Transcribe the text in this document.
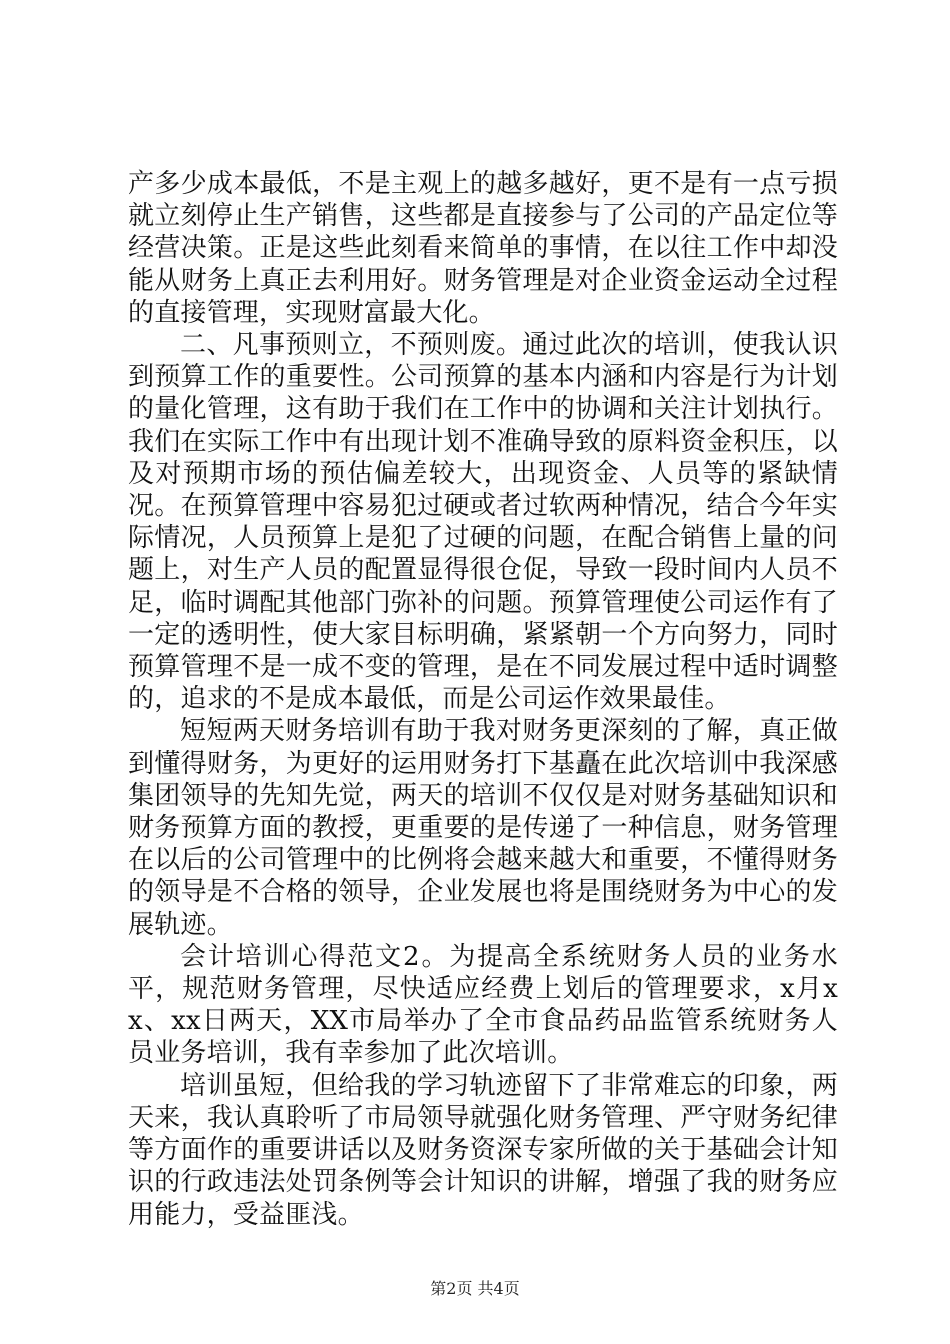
产多少成本最低，不是主观上的越多越好，更不是有一点亏损就立刻停止生产销售，这些都是直接参与了公司的产品定位等经营决策。正是这些此刻看来简单的事情，在以往工作中却没能从财务上真正去利用好。财务管理是对企业资金运动全过程的直接管理，实现财富最大化。

二、凡事预则立，不预则废。通过此次的培训，使我认识到预算工作的重要性。公司预算的基本内涵和内容是行为计划的量化管理，这有助于我们在工作中的协调和关注计划执行。我们在实际工作中有出现计划不准确导致的原料资金积压，以及对预期市场的预估偏差较大，出现资金、人员等的紧缺情况。在预算管理中容易犯过硬或者过软两种情况，结合今年实际情况，人员预算上是犯了过硬的问题，在配合销售上量的问题上，对生产人员的配置显得很仓促，导致一段时间内人员不足，临时调配其他部门弥补的问题。预算管理使公司运作有了一定的透明性，使大家目标明确，紧紧朝一个方向努力，同时预算管理不是一成不变的管理，是在不同发展过程中适时调整的，追求的不是成本最低，而是公司运作效果最佳。

短短两天财务培训有助于我对财务更深刻的了解，真正做到懂得财务，为更好的运用财务打下基矗在此次培训中我深感集团领导的先知先觉，两天的培训不仅仅是对财务基础知识和财务预算方面的教授，更重要的是传递了一种信息，财务管理在以后的公司管理中的比例将会越来越大和重要，不懂得财务的领导是不合格的领导，企业发展也将是围绕财务为中心的发展轨迹。

会计培训心得范文2。为提高全系统财务人员的业务水平，规范财务管理，尽快适应经费上划后的管理要求，x月xx、xx日两天，XX市局举办了全市食品药品监管系统财务人员业务培训，我有幸参加了此次培训。

培训虽短，但给我的学习轨迹留下了非常难忘的印象，两天来，我认真聆听了市局领导就强化财务管理、严守财务纪律等方面作的重要讲话以及财务资深专家所做的关于基础会计知识的行政违法处罚条例等会计知识的讲解，增强了我的财务应用能力，受益匪浅。

第2页 共4页
